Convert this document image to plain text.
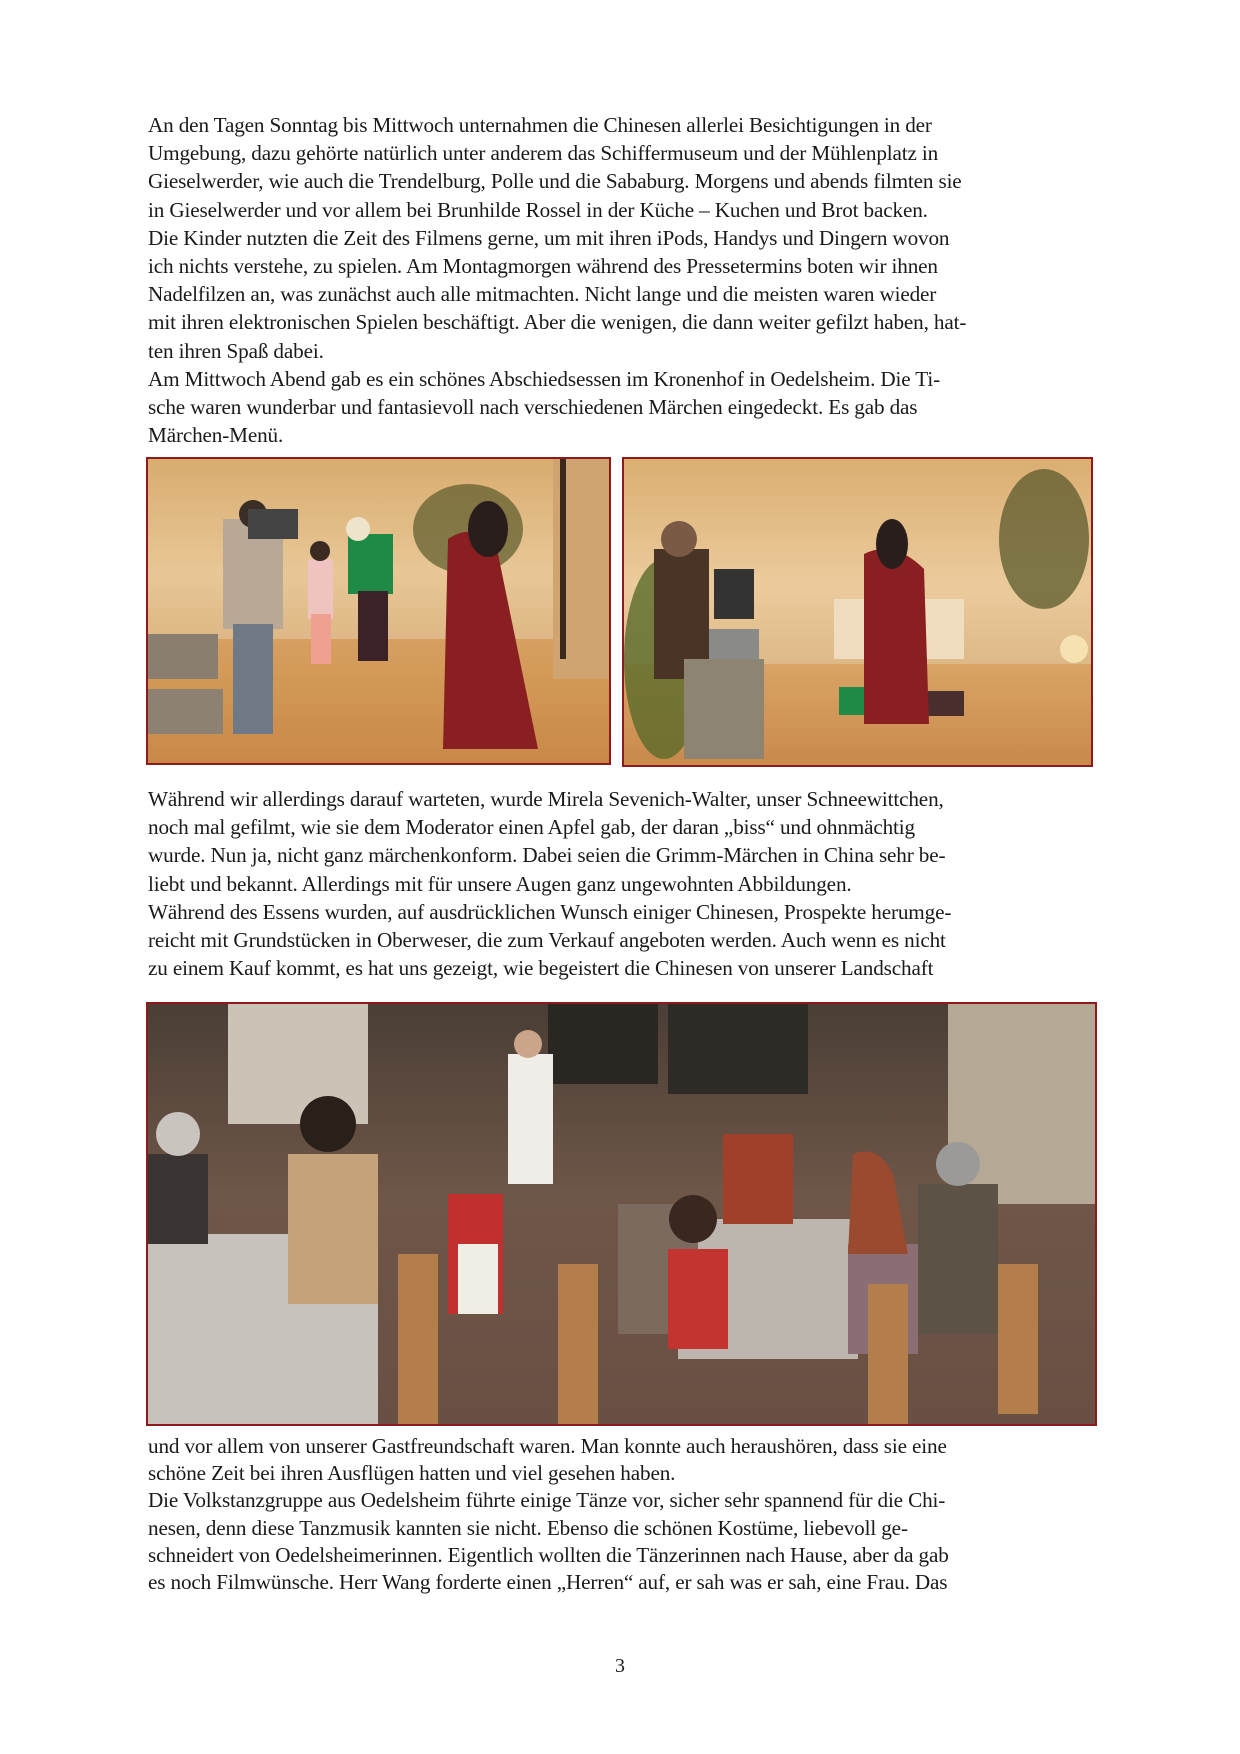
An den Tagen Sonntag bis Mittwoch unternahmen die Chinesen allerlei Besichtigungen in der
Umgebung, dazu gehörte natürlich unter anderem das Schiffermuseum und der Mühlenplatz in
Gieselwerder, wie auch die Trendelburg, Polle und die Sababurg. Morgens und abends filmten sie
in Gieselwerder und vor allem bei Brunhilde Rossel in der Küche – Kuchen und Brot backen.
Die Kinder nutzten die Zeit des Filmens gerne, um mit ihren iPods, Handys und Dingern wovon
ich nichts verstehe, zu spielen. Am Montagmorgen während des Pressetermins boten wir ihnen
Nadelfilzen an, was zunächst auch alle mitmachten. Nicht lange und die meisten waren wieder
mit ihren elektronischen Spielen beschäftigt. Aber die wenigen, die dann weiter gefilzt haben, hat-
ten ihren Spaß dabei.
Am Mittwoch Abend gab es ein schönes Abschiedsessen im Kronenhof in Oedelsheim. Die Ti-
sche waren wunderbar und fantasievoll nach verschiedenen Märchen eingedeckt. Es gab das
Märchen-Menü.
Während wir allerdings darauf warteten, wurde Mirela Sevenich-Walter, unser Schneewittchen,
noch mal gefilmt, wie sie dem Moderator einen Apfel gab, der daran „biss“ und ohnmächtig
wurde. Nun ja, nicht ganz märchenkonform. Dabei seien die Grimm-Märchen in China sehr be-
liebt und bekannt. Allerdings mit für unsere Augen ganz ungewohnten Abbildungen.
Während des Essens wurden, auf ausdrücklichen Wunsch einiger Chinesen, Prospekte herumge-
reicht mit Grundstücken in Oberweser, die zum Verkauf angeboten werden. Auch wenn es nicht
zu einem Kauf kommt, es hat uns gezeigt, wie begeistert die Chinesen von unserer Landschaft
und vor allem von unserer Gastfreundschaft waren. Man konnte auch heraushören, dass sie eine
schöne Zeit bei ihren Ausflügen hatten und viel gesehen haben.
Die Volkstanzgruppe aus Oedelsheim führte einige Tänze vor, sicher sehr spannend für die Chi-
nesen, denn diese Tanzmusik kannten sie nicht. Ebenso die schönen Kostüme, liebevoll ge-
schneidert von Oedelsheimerinnen. Eigentlich wollten die Tänzerinnen nach Hause, aber da gab
es noch Filmwünsche. Herr Wang forderte einen „Herren“ auf, er sah was er sah, eine Frau. Das
3
